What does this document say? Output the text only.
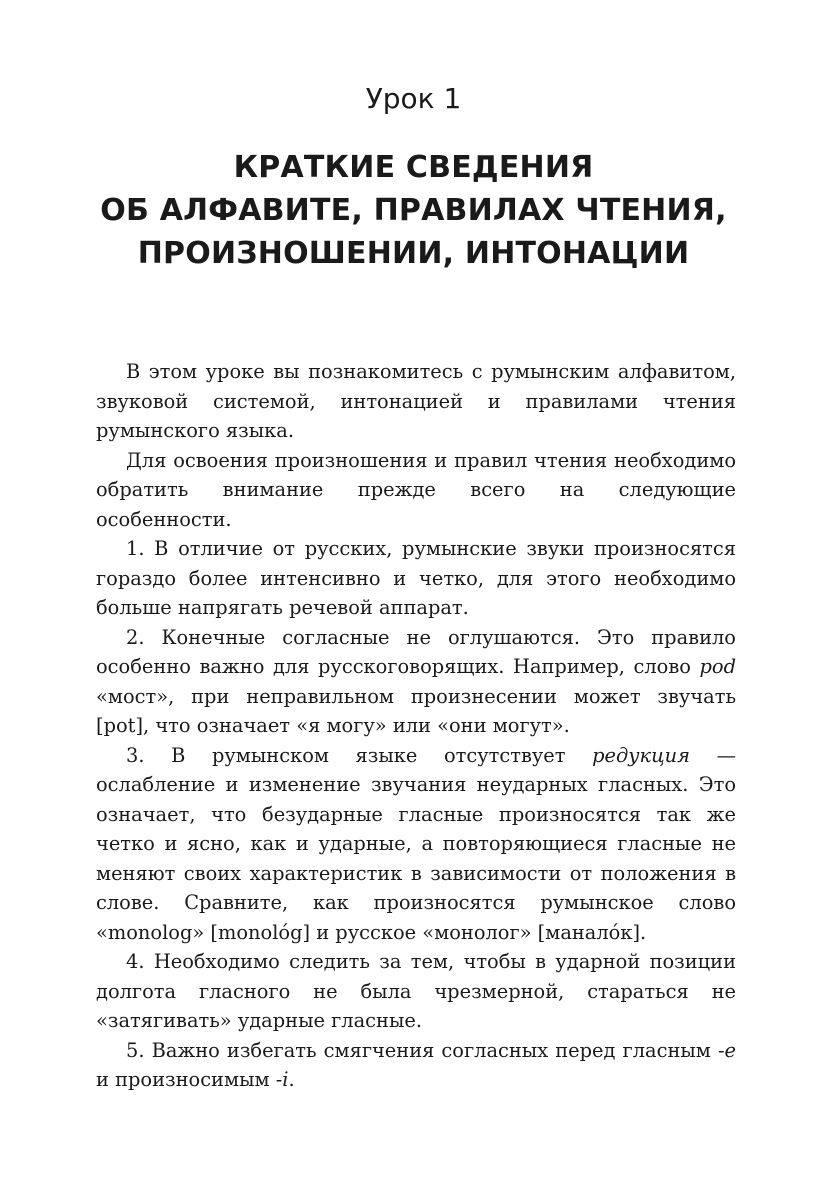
Урок 1
КРАТКИЕ СВЕДЕНИЯ
ОБ АЛФАВИТЕ, ПРАВИЛАХ ЧТЕНИЯ,
ПРОИЗНОШЕНИИ, ИНТОНАЦИИ

В этом уроке вы познакомитесь с румынским алфавитом, звуковой системой, интонацией и правилами чтения румынского языка.

Для освоения произношения и правил чтения необходимо обратить внимание прежде всего на следующие особенности.

1. В отличие от русских, румынские звуки произносятся гораздо более интенсивно и четко, для этого необходимо больше напрягать речевой аппарат.

2. Конечные согласные не оглушаются. Это правило особенно важно для русскоговорящих. Например, слово pod «мост», при неправильном произнесении может звучать [pot], что означает «я могу» или «они могут».

3. В румынском языке отсутствует редукция — ослабление и изменение звучания неударных гласных. Это означает, что безударные гласные произносятся так же четко и ясно, как и ударные, а повторяющиеся гласные не меняют своих характеристик в зависимости от положения в слове. Сравните, как произносятся румынское слово «monolog» [monológ] и русское «монолог» [маналóк].

4. Необходимо следить за тем, чтобы в ударной позиции долгота гласного не была чрезмерной, стараться не «затягивать» ударные гласные.

5. Важно избегать смягчения согласных перед гласным -e и произносимым -i.
